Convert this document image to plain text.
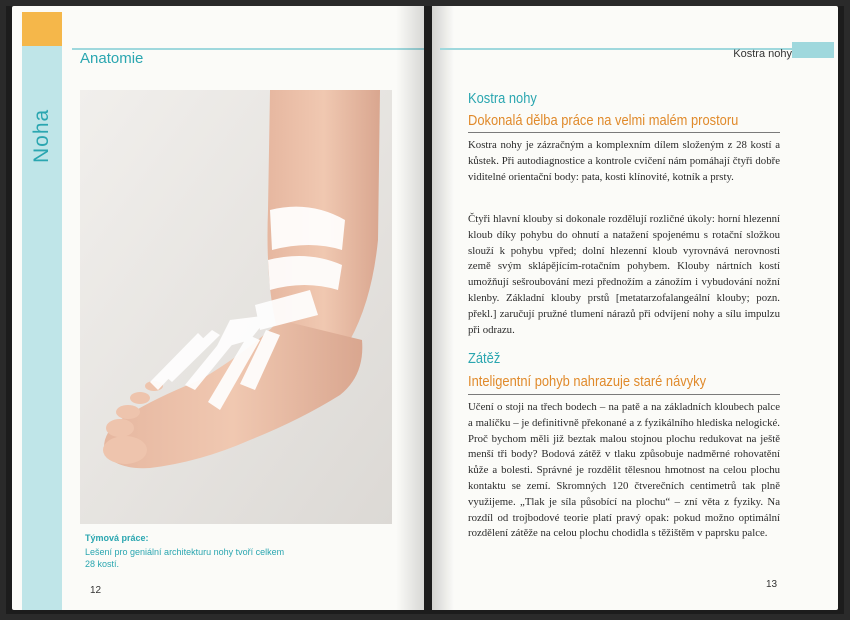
Noha
Anatomie
Týmová práce:
Lešení pro geniální architekturu nohy tvoří celkem 28 kostí.
12
Kostra nohy
Kostra nohy
Dokonalá dělba práce na velmi malém prostoru
Kostra nohy je zázračným a komplexním dílem složeným z 28 kostí a kůstek. Při autodiagnostice a kontrole cvičení nám pomáhají čtyři dobře viditelné orientační body: pata, kosti klínovité, kotník a prsty.
Čtyři hlavní klouby si dokonale rozdělují rozličné úkoly: horní hlezenní kloub díky pohybu do ohnutí a natažení spojenému s rotační složkou slouží k pohybu vpřed; dolní hlezenní kloub vyrovnává nerovnosti země svým sklápějícím-rotačním pohybem. Klouby nártních kostí umožňují sešroubování mezi přednožím a zánožím i vybudování nožní klenby. Základní klouby prstů [metatarzofalangeální klouby; pozn. překl.] zaručují pružné tlumení nárazů při odvíjení nohy a sílu impulzu při odrazu.
Zátěž
Inteligentní pohyb nahrazuje staré návyky
Učení o stoji na třech bodech – na patě a na základních kloubech palce a malíčku – je definitivně překonané a z fyzikálního hlediska nelogické. Proč bychom měli již beztak malou stojnou plochu redukovat na ještě menší tři body? Bodová zátěž v tlaku způsobuje nadměrné rohovatění kůže a bolesti. Správné je rozdělit tělesnou hmotnost na celou plochu kontaktu se zemí. Skromných 120 čtverečních centimetrů tak plně využijeme. „Tlak je síla působící na plochu“ – zní věta z fyziky. Na rozdíl od trojbodové teorie platí pravý opak: pokud možno optimální rozdělení zátěže na celou plochu chodidla s těžištěm v paprsku palce.
13
